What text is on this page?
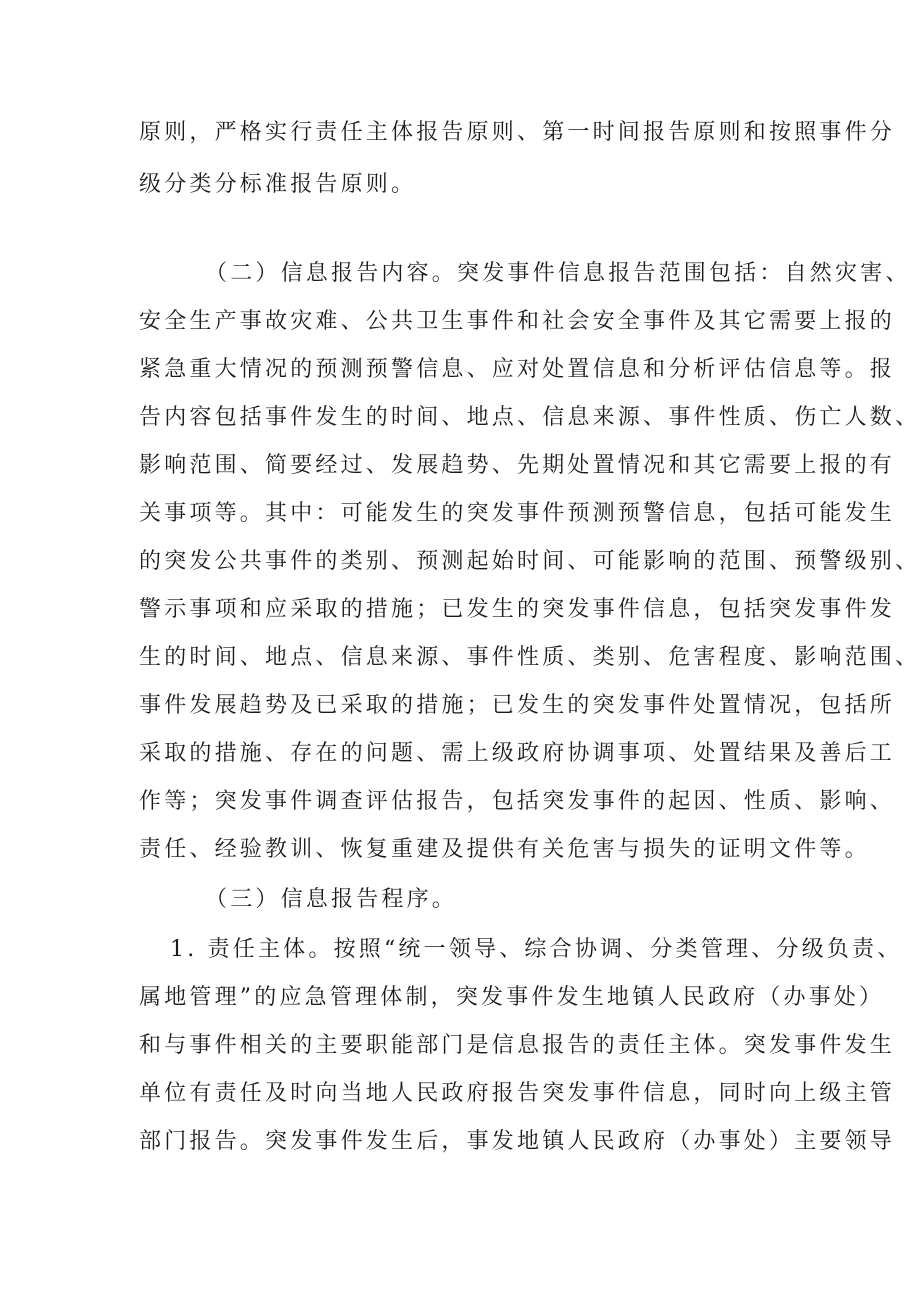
原则，严格实行责任主体报告原则、第一时间报告原则和按照事件分
级分类分标准报告原则。
（二）信息报告内容。突发事件信息报告范围包括：自然灾害、
安全生产事故灾难、公共卫生事件和社会安全事件及其它需要上报的
紧急重大情况的预测预警信息、应对处置信息和分析评估信息等。报
告内容包括事件发生的时间、地点、信息来源、事件性质、伤亡人数、
影响范围、简要经过、发展趋势、先期处置情况和其它需要上报的有
关事项等。其中：可能发生的突发事件预测预警信息，包括可能发生
的突发公共事件的类别、预测起始时间、可能影响的范围、预警级别、
警示事项和应采取的措施；已发生的突发事件信息，包括突发事件发
生的时间、地点、信息来源、事件性质、类别、危害程度、影响范围、
事件发展趋势及已采取的措施；已发生的突发事件处置情况，包括所
采取的措施、存在的问题、需上级政府协调事项、处置结果及善后工
作等；突发事件调查评估报告，包括突发事件的起因、性质、影响、
责任、经验教训、恢复重建及提供有关危害与损失的证明文件等。
（三）信息报告程序。
1. 责任主体。按照“统一领导、综合协调、分类管理、分级负责、
属地管理”的应急管理体制，突发事件发生地镇人民政府（办事处）
和与事件相关的主要职能部门是信息报告的责任主体。突发事件发生
单位有责任及时向当地人民政府报告突发事件信息，同时向上级主管
部门报告。突发事件发生后，事发地镇人民政府（办事处）主要领导
